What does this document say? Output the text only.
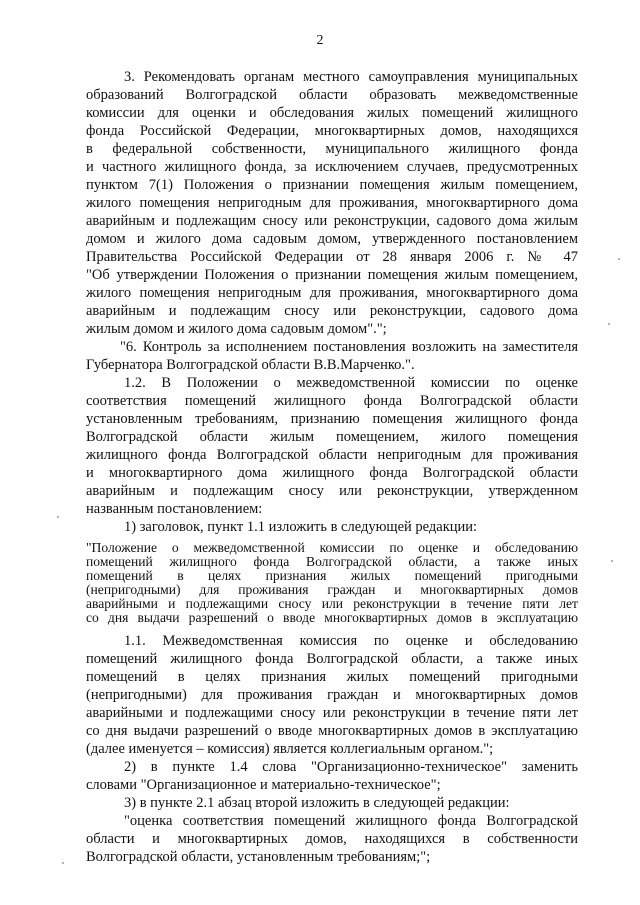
2
3. Рекомендовать органам местного самоуправления муниципальных
образований Волгоградской области образовать межведомственные
комиссии для оценки и обследования жилых помещений жилищного
фонда Российской Федерации, многоквартирных домов, находящихся
в федеральной собственности, муниципального жилищного фонда
и частного жилищного фонда, за исключением случаев, предусмотренных
пунктом 7(1) Положения о признании помещения жилым помещением,
жилого помещения непригодным для проживания, многоквартирного дома
аварийным и подлежащим сносу или реконструкции, садового дома жилым
домом и жилого дома садовым домом, утвержденного постановлением
Правительства Российской Федерации от 28 января 2006 г. № 47
"Об утверждении Положения о признании помещения жилым помещением,
жилого помещения непригодным для проживания, многоквартирного дома
аварийным и подлежащим сносу или реконструкции, садового дома
жилым домом и жилого дома садовым домом".";
"6. Контроль за исполнением постановления возложить на заместителя
Губернатора Волгоградской области В.В.Марченко.".
1.2. В Положении о межведомственной комиссии по оценке
соответствия помещений жилищного фонда Волгоградской области
установленным требованиям, признанию помещения жилищного фонда
Волгоградской области жилым помещением, жилого помещения
жилищного фонда Волгоградской области непригодным для проживания
и многоквартирного дома жилищного фонда Волгоградской области
аварийным и подлежащим сносу или реконструкции, утвержденном
названным постановлением:
1) заголовок, пункт 1.1 изложить в следующей редакции:
"Положение о межведомственной комиссии по оценке и обследованию
помещений жилищного фонда Волгоградской области, а также иных
помещений в целях признания жилых помещений пригодными
(непригодными) для проживания граждан и многоквартирных домов
аварийными и подлежащими сносу или реконструкции в течение пяти лет
со дня выдачи разрешений о вводе многоквартирных домов в эксплуатацию
1.1. Межведомственная комиссия по оценке и обследованию
помещений жилищного фонда Волгоградской области, а также иных
помещений в целях признания жилых помещений пригодными
(непригодными) для проживания граждан и многоквартирных домов
аварийными и подлежащими сносу или реконструкции в течение пяти лет
со дня выдачи разрешений о вводе многоквартирных домов в эксплуатацию
(далее именуется – комиссия) является коллегиальным органом.";
2) в пункте 1.4 слова "Организационно-техническое" заменить
словами "Организационное и материально-техническое";
3) в пункте 2.1 абзац второй изложить в следующей редакции:
"оценка соответствия помещений жилищного фонда Волгоградской
области и многоквартирных домов, находящихся в собственности
Волгоградской области, установленным требованиям;";
